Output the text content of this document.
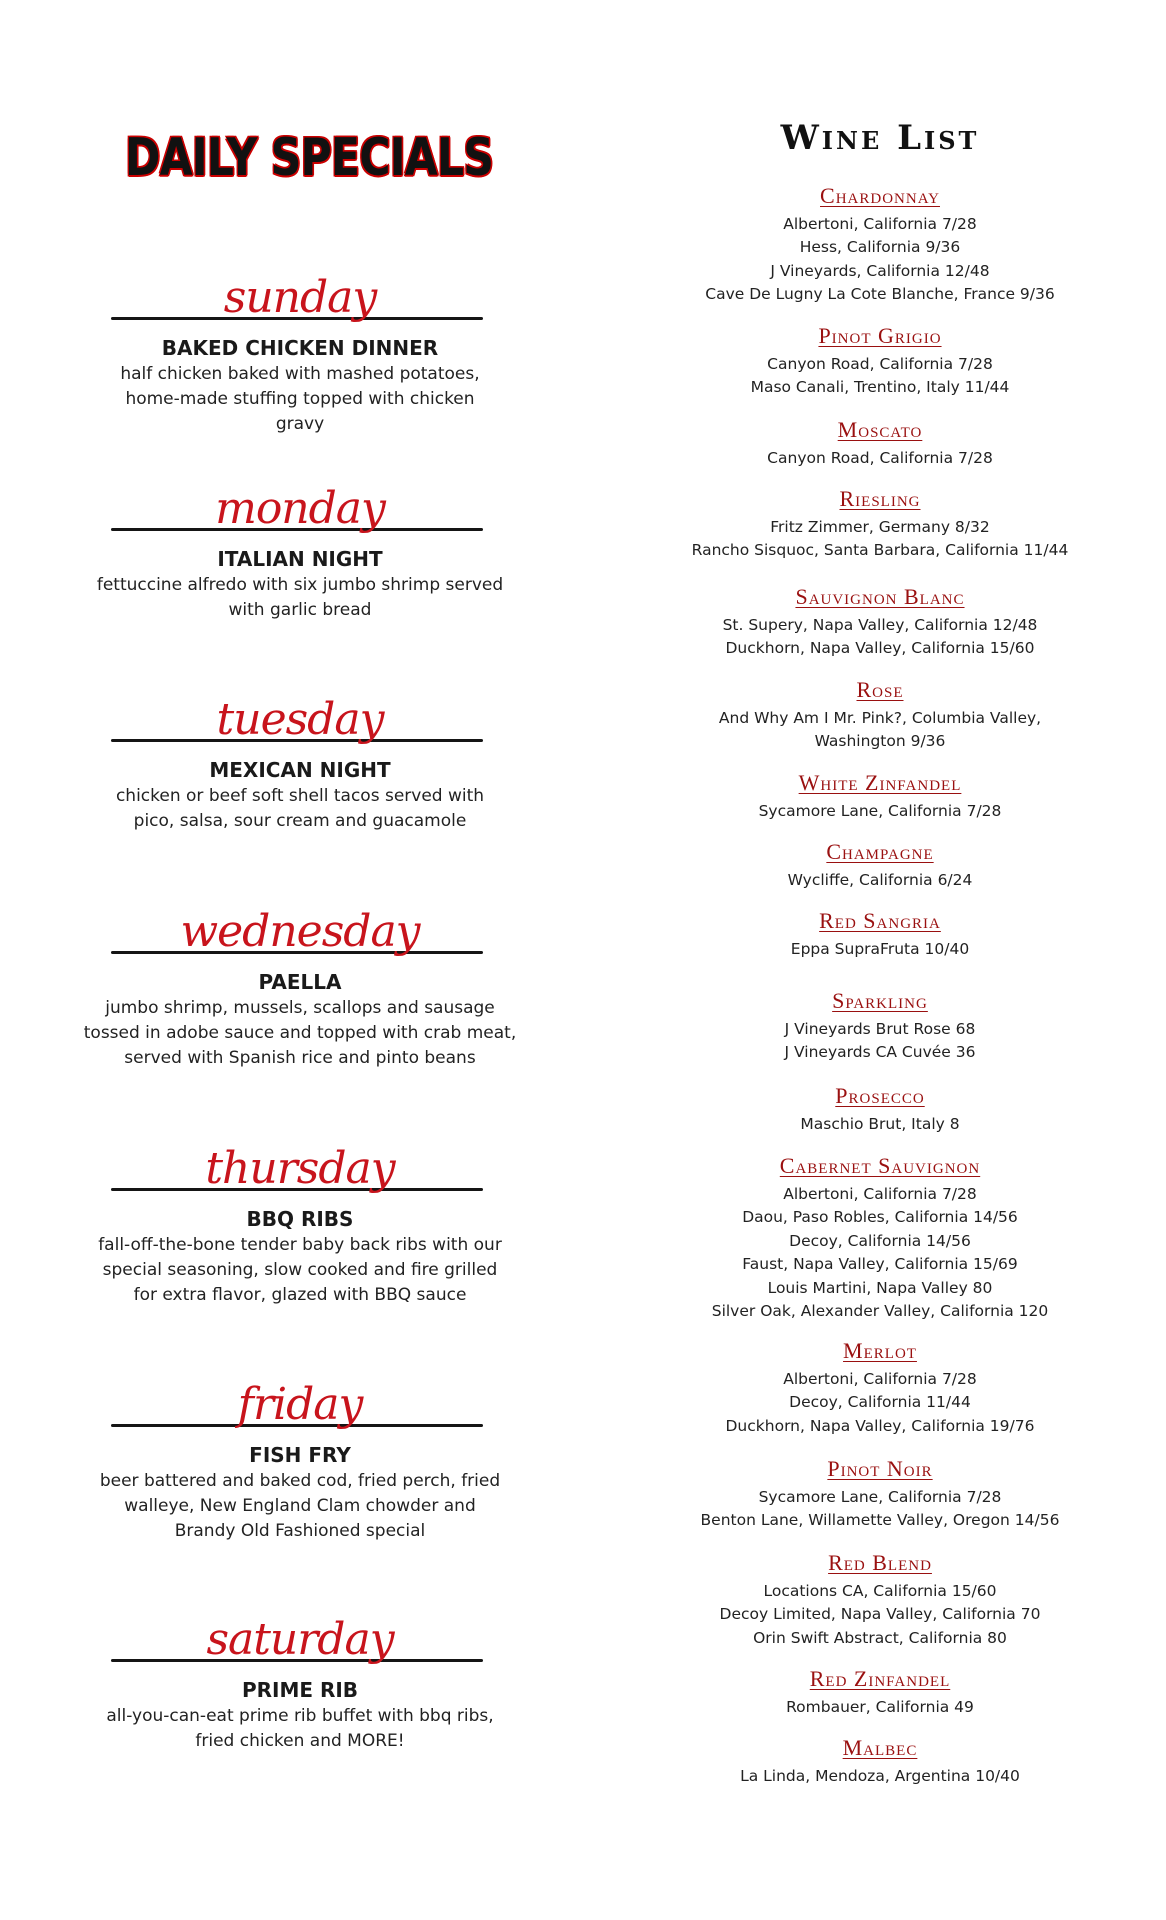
DAILY SPECIALS
sunday
BAKED CHICKEN DINNER
half chicken baked with mashed potatoes, home-made stuffing topped with chicken gravy
monday
ITALIAN NIGHT
fettuccine alfredo with six jumbo shrimp served with garlic bread
tuesday
MEXICAN NIGHT
chicken or beef soft shell tacos served with pico, salsa, sour cream and guacamole
wednesday
PAELLA
jumbo shrimp, mussels, scallops and sausage tossed in adobe sauce and topped with crab meat, served with Spanish rice and pinto beans
thursday
BBQ RIBS
fall-off-the-bone tender baby back ribs with our special seasoning, slow cooked and fire grilled for extra flavor, glazed with BBQ sauce
friday
FISH FRY
beer battered and baked cod, fried perch, fried walleye, New England Clam chowder and Brandy Old Fashioned special
saturday
PRIME RIB
all-you-can-eat prime rib buffet with bbq ribs, fried chicken and MORE!
Wine List
Chardonnay
Albertoni, California 7/28
Hess, California 9/36
J Vineyards, California 12/48
Cave De Lugny La Cote Blanche, France 9/36
Pinot Grigio
Canyon Road, California 7/28
Maso Canali, Trentino, Italy 11/44
Moscato
Canyon Road, California 7/28
Riesling
Fritz Zimmer, Germany 8/32
Rancho Sisquoc, Santa Barbara, California 11/44
Sauvignon Blanc
St. Supery, Napa Valley, California 12/48
Duckhorn, Napa Valley, California 15/60
Rose
And Why Am I Mr. Pink?, Columbia Valley,
Washington 9/36
White Zinfandel
Sycamore Lane, California 7/28
Champagne
Wycliffe, California 6/24
Red Sangria
Eppa SupraFruta 10/40
Sparkling
J Vineyards Brut Rose 68
J Vineyards CA Cuvée 36
Prosecco
Maschio Brut, Italy 8
Cabernet Sauvignon
Albertoni, California 7/28
Daou, Paso Robles, California 14/56
Decoy, California 14/56
Faust, Napa Valley, California 15/69
Louis Martini, Napa Valley 80
Silver Oak, Alexander Valley, California 120
Merlot
Albertoni, California 7/28
Decoy, California 11/44
Duckhorn, Napa Valley, California 19/76
Pinot Noir
Sycamore Lane, California 7/28
Benton Lane, Willamette Valley, Oregon 14/56
Red Blend
Locations CA, California 15/60
Decoy Limited, Napa Valley, California 70
Orin Swift Abstract, California 80
Red Zinfandel
Rombauer, California 49
Malbec
La Linda, Mendoza, Argentina 10/40
